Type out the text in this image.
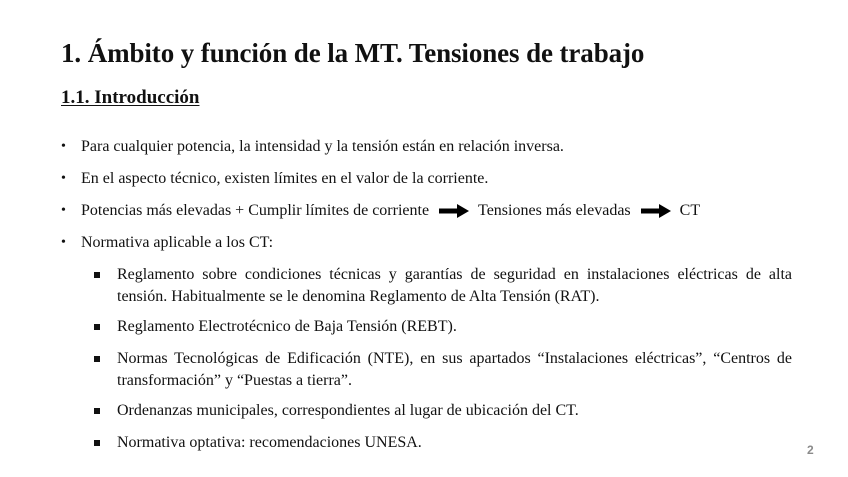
1. Ámbito y función de la MT. Tensiones de trabajo
1.1. Introducción
• Para cualquier potencia, la intensidad y la tensión están en relación inversa.
• En el aspecto técnico, existen límites en el valor de la corriente.
• Potencias más elevadas + Cumplir límites de corriente	Tensiones más elevadas	CT
• Normativa aplicable a los CT:
Reglamento sobre condiciones técnicas y garantías de seguridad en instalaciones eléctricas de alta tensión. Habitualmente se le denomina Reglamento de Alta Tensión (RAT).
Reglamento Electrotécnico de Baja Tensión (REBT).
Normas Tecnológicas de Edificación (NTE), en sus apartados “Instalaciones eléctricas”, “Centros de transformación” y “Puestas a tierra”.
Ordenanzas municipales, correspondientes al lugar de ubicación del CT.
Normativa optativa: recomendaciones UNESA.	2
